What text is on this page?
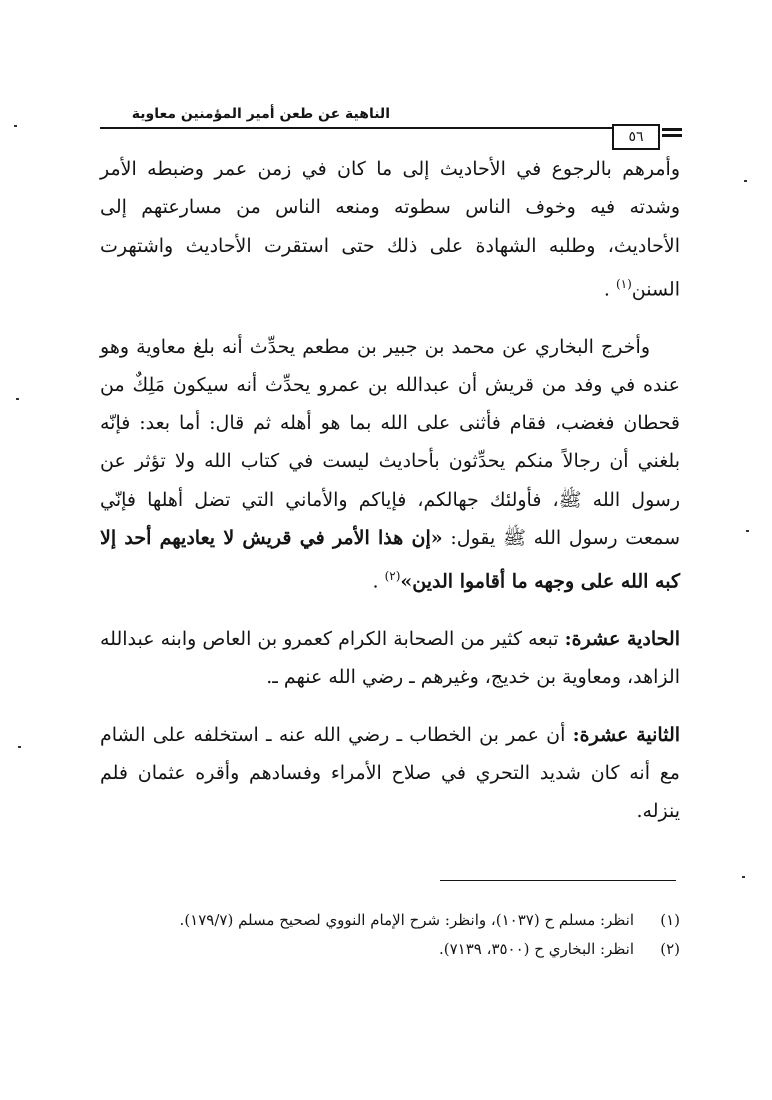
الناهية عن طعن أمير المؤمنين معاوية
٥٦

وأمرهم بالرجوع في الأحاديث إلى ما كان في زمن عمر وضبطه الأمر وشدته فيه وخوف الناس سطوته ومنعه الناس من مسارعتهم إلى الأحاديث، وطلبه الشهادة على ذلك حتى استقرت الأحاديث واشتهرت السنن$^{(١)}$ .

وأخرج البخاري عن محمد بن جبير بن مطعم يحدِّث أنه بلغ معاوية وهو عنده في وفد من قريش أن عبدالله بن عمرو يحدِّث أنه سيكون مَلِكٌ من قحطان فغضب، فقام فأثنى على الله بما هو أهله ثم قال: أما بعد: فإنّه بلغني أن رجالاً منكم يحدِّثون بأحاديث ليست في كتاب الله ولا تؤثر عن رسول الله ﷺ، فأولئك جهالكم، فإياكم والأماني التي تضل أهلها فإنّي سمعت رسول الله ﷺ يقول: «إن هذا الأمر في قريش لا يعاديهم أحد إلا كبه الله على وجهه ما أقاموا الدين»$^{(٢)}$ .

الحادية عشرة: تبعه كثير من الصحابة الكرام كعمرو بن العاص وابنه عبدالله الزاهد، ومعاوية بن خديج، وغيرهم ـ رضي الله عنهم ـ.

الثانية عشرة: أن عمر بن الخطاب ـ رضي الله عنه ـ استخلفه على الشام مع أنه كان شديد التحري في صلاح الأمراء وفسادهم وأقره عثمان فلم ينزله.

(١)
انظر: مسلم ح (١٠٣٧)، وانظر: شرح الإمام النووي لصحيح مسلم (١٧٩/٧).
(٢)
انظر: البخاري ح (٣٥٠٠، ٧١٣٩).
